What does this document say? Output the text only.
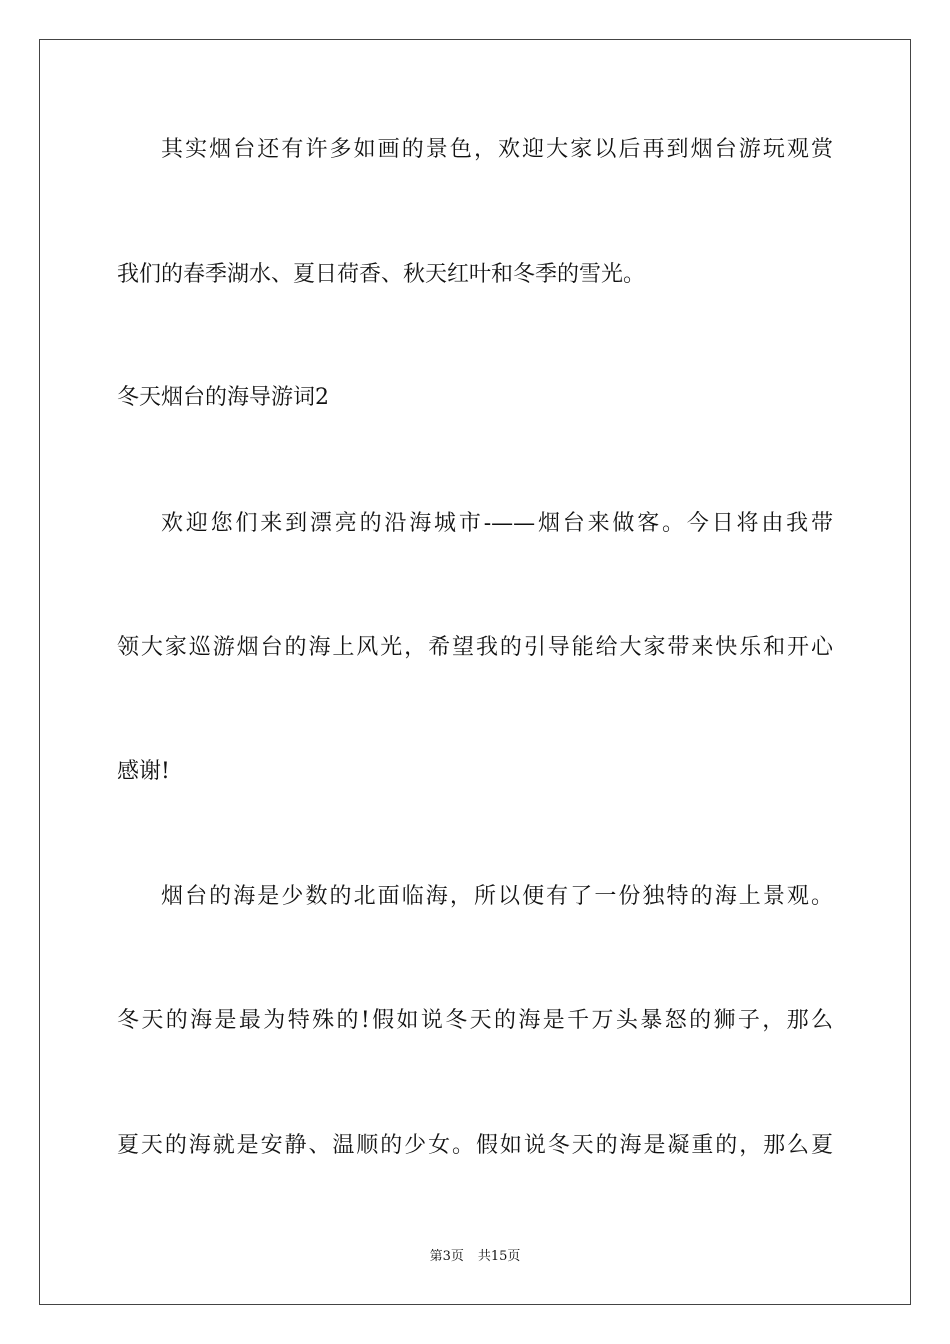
其实烟台还有许多如画的景色，欢迎大家以后再到烟台游玩观赏
我们的春季湖水、夏日荷香、秋天红叶和冬季的雪光。
冬天烟台的海导游词2
欢迎您们来到漂亮的沿海城市-——烟台来做客。今日将由我带
领大家巡游烟台的海上风光，希望我的引导能给大家带来快乐和开心
感谢!
烟台的海是少数的北面临海，所以便有了一份独特的海上景观。
冬天的海是最为特殊的!假如说冬天的海是千万头暴怒的狮子，那么
夏天的海就是安静、温顺的少女。假如说冬天的海是凝重的，那么夏
第3页 共15页
